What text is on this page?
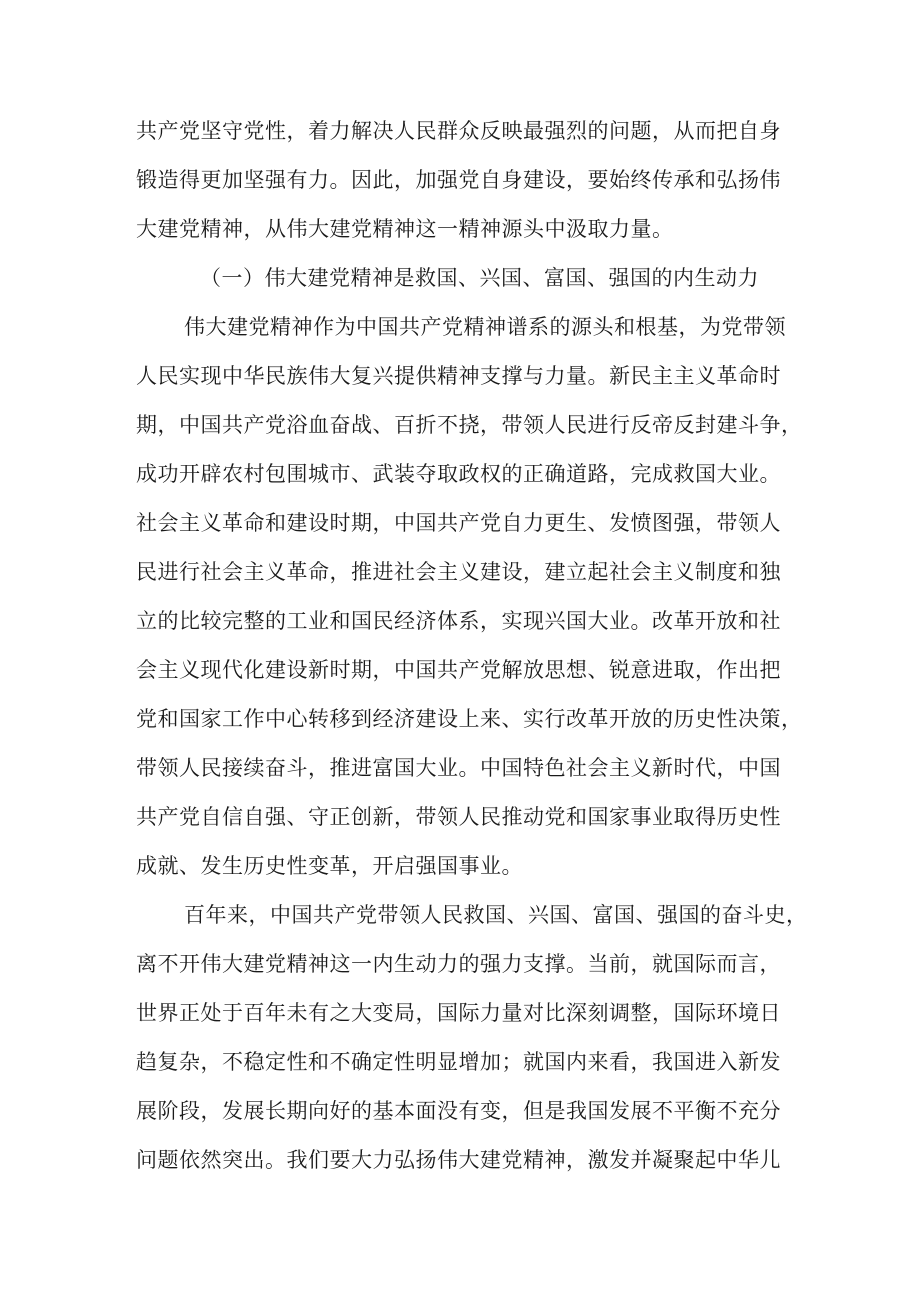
共产党坚守党性，着力解决人民群众反映最强烈的问题，从而把自身
锻造得更加坚强有力。因此，加强党自身建设，要始终传承和弘扬伟
大建党精神，从伟大建党精神这一精神源头中汲取力量。
（一）伟大建党精神是救国、兴国、富国、强国的内生动力
伟大建党精神作为中国共产党精神谱系的源头和根基，为党带领
人民实现中华民族伟大复兴提供精神支撑与力量。新民主主义革命时
期，中国共产党浴血奋战、百折不挠，带领人民进行反帝反封建斗争，
成功开辟农村包围城市、武装夺取政权的正确道路，完成救国大业。
社会主义革命和建设时期，中国共产党自力更生、发愤图强，带领人
民进行社会主义革命，推进社会主义建设，建立起社会主义制度和独
立的比较完整的工业和国民经济体系，实现兴国大业。改革开放和社
会主义现代化建设新时期，中国共产党解放思想、锐意进取，作出把
党和国家工作中心转移到经济建设上来、实行改革开放的历史性决策，
带领人民接续奋斗，推进富国大业。中国特色社会主义新时代，中国
共产党自信自强、守正创新，带领人民推动党和国家事业取得历史性
成就、发生历史性变革，开启强国事业。
百年来，中国共产党带领人民救国、兴国、富国、强国的奋斗史，
离不开伟大建党精神这一内生动力的强力支撑。当前，就国际而言，
世界正处于百年未有之大变局，国际力量对比深刻调整，国际环境日
趋复杂，不稳定性和不确定性明显增加；就国内来看，我国进入新发
展阶段，发展长期向好的基本面没有变，但是我国发展不平衡不充分
问题依然突出。我们要大力弘扬伟大建党精神，激发并凝聚起中华儿
